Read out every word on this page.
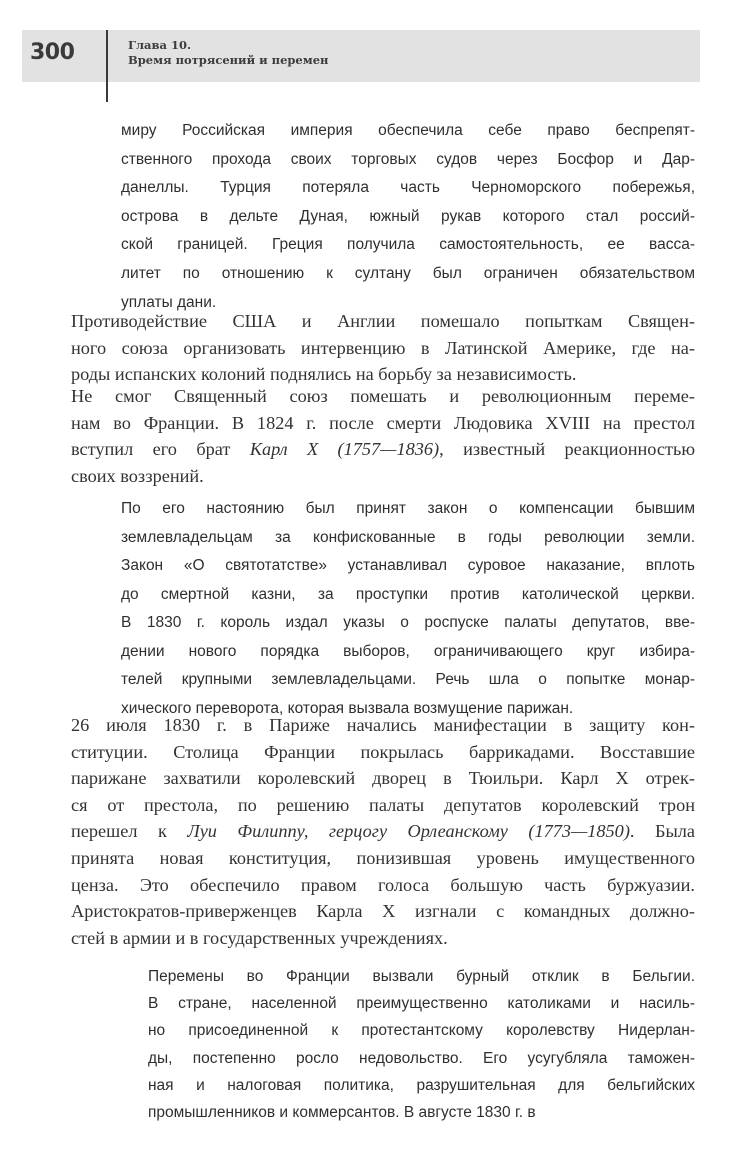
300	Глава 10.
Время потрясений и перемен
миру Российская империя обеспечила себе право беспрепят-
ственного прохода своих торговых судов через Босфор и Дар-
данеллы. Турция потеряла часть Черноморского побережья,
острова в дельте Дуная, южный рукав которого стал россий-
ской границей. Греция получила самостоятельность, ее васса-
литет по отношению к султану был ограничен обязательством
уплаты дани.
Противодействие США и Англии помешало попыткам Священ-
ного союза организовать интервенцию в Латинской Америке, где на-
роды испанских колоний поднялись на борьбу за независимость.
Не смог Священный союз помешать и революционным переме-
нам во Франции. В 1824 г. после смерти Людовика XVIII на престол
вступил его брат Карл X (1757—1836), известный реакционностью
своих воззрений.
По его настоянию был принят закон о компенсации бывшим
землевладельцам за конфискованные в годы революции земли.
Закон «О святотатстве» устанавливал суровое наказание, вплоть
до смертной казни, за проступки против католической церкви.
В 1830 г. король издал указы о роспуске палаты депутатов, вве-
дении нового порядка выборов, ограничивающего круг избира-
телей крупными землевладельцами. Речь шла о попытке монар-
хического переворота, которая вызвала возмущение парижан.
26 июля 1830 г. в Париже начались манифестации в защиту кон-
ституции. Столица Франции покрылась баррикадами. Восставшие
парижане захватили королевский дворец в Тюильри. Карл X отрек-
ся от престола, по решению палаты депутатов королевский трон
перешел к Луи Филиппу, герцогу Орлеанскому (1773—1850). Была
принята новая конституция, понизившая уровень имущественного
ценза. Это обеспечило правом голоса большую часть буржуазии.
Аристократов-приверженцев Карла X изгнали с командных должно-
стей в армии и в государственных учреждениях.
Перемены во Франции вызвали бурный отклик в Бельгии.
В стране, населенной преимущественно католиками и насиль-
но присоединенной к протестантскому королевству Нидерлан-
ды, постепенно росло недовольство. Его усугубляла таможен-
ная и налоговая политика, разрушительная для бельгийских
промышленников и коммерсантов. В августе 1830 г. в
